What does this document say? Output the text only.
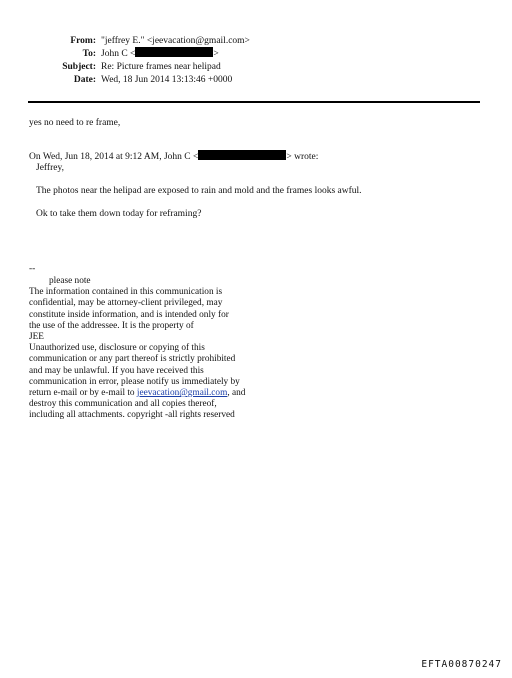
From: "jeffrey E." <jeevacation@gmail.com>
To: John C <	>
Subject: Re: Picture frames near helipad
Date: Wed, 18 Jun 2014 13:13:46 +0000
yes no need to re frame,
On Wed, Jun 18, 2014 at 9:12 AM, John C <	> wrote:
Jeffrey,
The photos near the helipad are exposed to rain and mold and the frames looks awful.
Ok to take them down today for reframing?
--
please note
The information contained in this communication is
confidential, may be attorney-client privileged, may
constitute inside information, and is intended only for
the use of the addressee. It is the property of
JEE
Unauthorized use, disclosure or copying of this
communication or any part thereof is strictly prohibited
and may be unlawful. If you have received this
communication in error, please notify us immediately by
return e-mail or by e-mail to jeevacation@gmail.com, and
destroy this communication and all copies thereof,
including all attachments. copyright -all rights reserved
EFTA00870247
